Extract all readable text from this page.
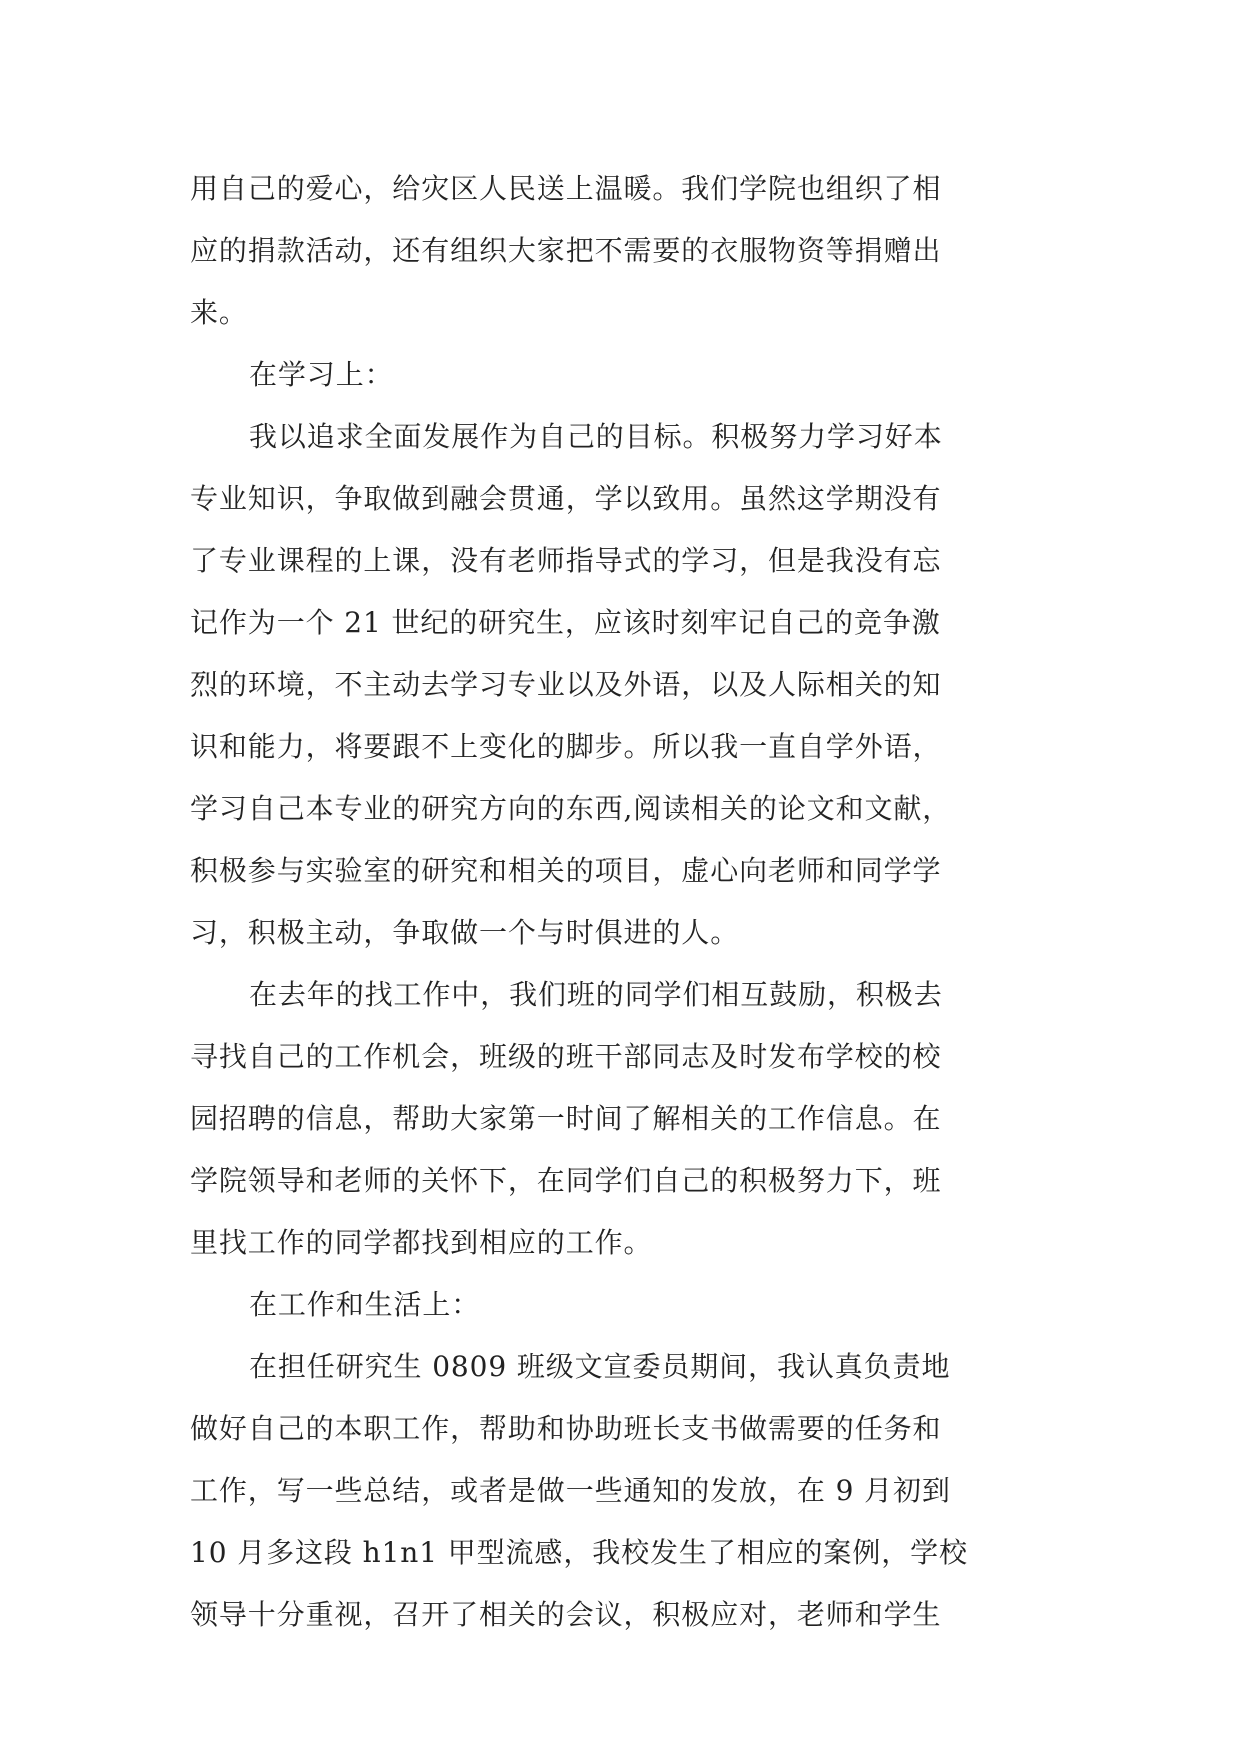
用自己的爱心，给灾区人民送上温暖。我们学院也组织了相
应的捐款活动，还有组织大家把不需要的衣服物资等捐赠出
来。
在学习上：
我以追求全面发展作为自己的目标。积极努力学习好本
专业知识，争取做到融会贯通，学以致用。虽然这学期没有
了专业课程的上课，没有老师指导式的学习，但是我没有忘
记作为一个 21 世纪的研究生，应该时刻牢记自己的竞争激
烈的环境，不主动去学习专业以及外语，以及人际相关的知
识和能力，将要跟不上变化的脚步。所以我一直自学外语，
学习自己本专业的研究方向的东西,阅读相关的论文和文献，
积极参与实验室的研究和相关的项目，虚心向老师和同学学
习，积极主动，争取做一个与时俱进的人。
在去年的找工作中，我们班的同学们相互鼓励，积极去
寻找自己的工作机会，班级的班干部同志及时发布学校的校
园招聘的信息，帮助大家第一时间了解相关的工作信息。在
学院领导和老师的关怀下，在同学们自己的积极努力下，班
里找工作的同学都找到相应的工作。
在工作和生活上：
在担任研究生 0809 班级文宣委员期间，我认真负责地
做好自己的本职工作，帮助和协助班长支书做需要的任务和
工作，写一些总结，或者是做一些通知的发放，在 9 月初到
10 月多这段 h1n1 甲型流感，我校发生了相应的案例，学校
领导十分重视，召开了相关的会议，积极应对，老师和学生
